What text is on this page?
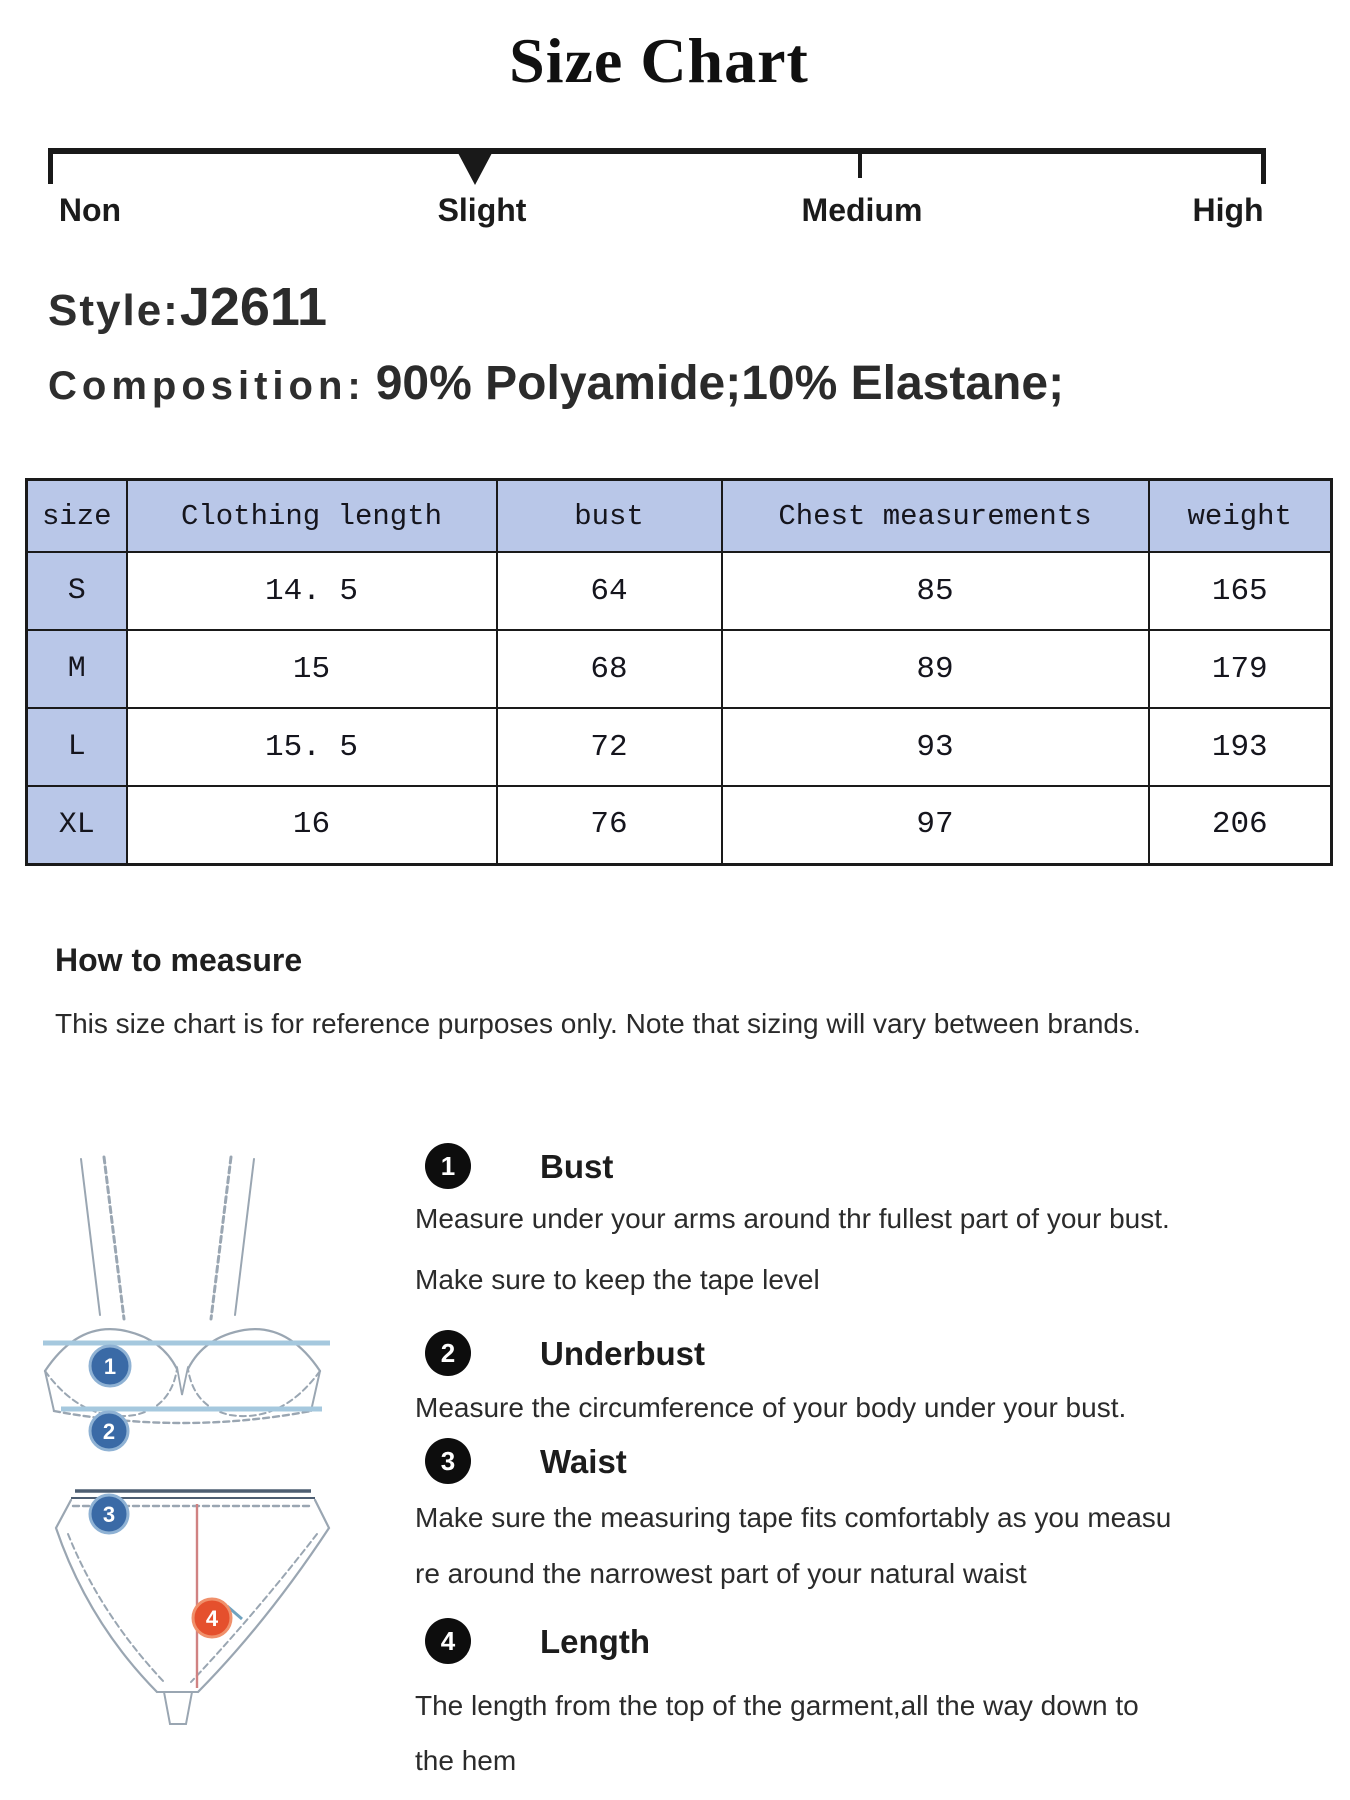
Size Chart
Non	Slight	Medium	High
Style: J2611
Composition: 90% Polyamide;10% Elastane;
size	Clothing length	bust	Chest measurements	weight
S	14. 5	64	85	165
M	15	68	89	179
L	15. 5	72	93	193
XL	16	76	97	206
How to measure
This size chart is for reference purposes only. Note that sizing will vary between brands.
1
2
3
4
1	Bust
Measure under your arms around thr fullest part of your bust.
Make sure to keep the tape level
2	Underbust
Measure the circumference of your body under your bust.
3	Waist
Make sure the measuring tape fits comfortably as you measu
re around the narrowest part of your natural waist
4	Length
The length from the top of the garment,all the way down to
the hem
